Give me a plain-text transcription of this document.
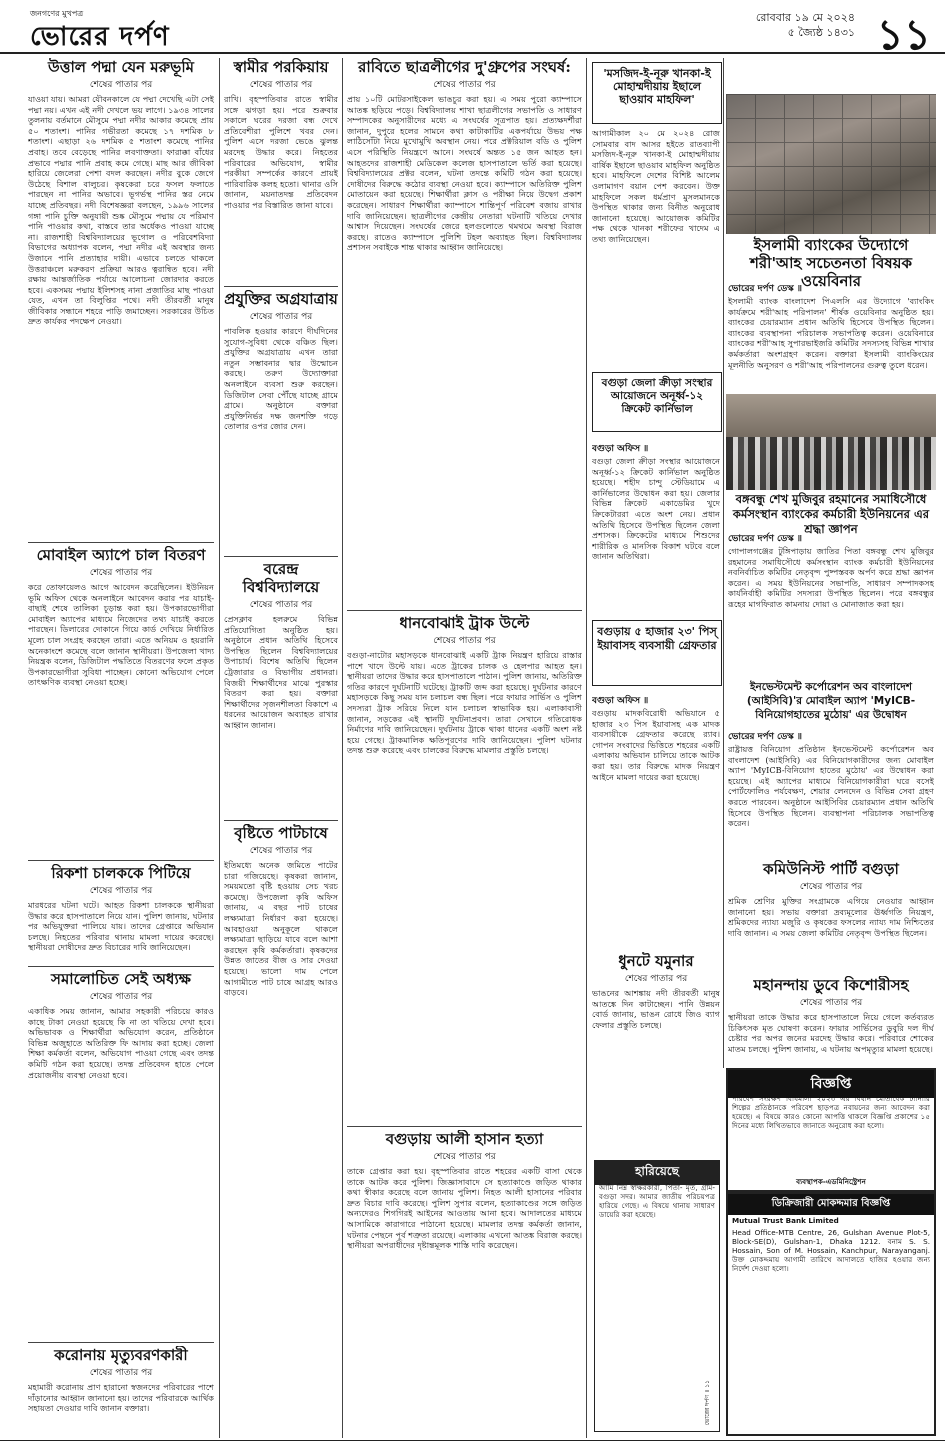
জনগণের মুখপত্র
ভোরের দর্পণ
রোববার ১৯ মে ২০২৪
৫ জ্যৈষ্ঠ ১৪৩১ ১১
উত্তাল পদ্মা যেন মরুভূমি
শেষের পাতার পর

যাওয়া যায়। আমরা যৌবনকালে যে পদ্মা দেখেছি এটা সেই পদ্মা নয়। এখন এই নদী দেখলে ভয় লাগে। ১৯৩৪ সালের তুলনায় বর্তমানে মৌসুমে পদ্মা নদীর আকার কমেছে প্রায় ৫০ শতাংশ। পানির গভীরতা কমেছে ১৭ দশমিক ৮ শতাংশ। এছাড়া ২৬ দশমিক ৫ শতাংশ কমেছে পানির প্রবাহ। তবে বেড়েছে পানির লবণাক্ততা। ফারাক্কা বাঁধের প্রভাবে পদ্মার পানি প্রবাহ কমে গেছে। মাছ আর জীবিকা হারিয়ে জেলেরা পেশা বদল করছেন। নদীর বুকে জেগে উঠেছে বিশাল বালুচর। কৃষকেরা চরে ফসল ফলাতে পারছেন না পানির অভাবে। ভূগর্ভস্থ পানির স্তর নেমে যাচ্ছে প্রতিবছর। নদী বিশেষজ্ঞরা বলছেন, ১৯৯৬ সালের গঙ্গা পানি চুক্তি অনুযায়ী শুষ্ক মৌসুমে পদ্মায় যে পরিমাণ পানি পাওয়ার কথা, বাস্তবে তার অর্ধেকও পাওয়া যাচ্ছে না। রাজশাহী বিশ্ববিদ্যালয়ের ভূগোল ও পরিবেশবিদ্যা বিভাগের অধ্যাপক বলেন, পদ্মা নদীর এই অবস্থার জন্য উজানে পানি প্রত্যাহার দায়ী। এভাবে চলতে থাকলে উত্তরাঞ্চলে মরুকরণ প্রক্রিয়া আরও ত্বরান্বিত হবে। নদী রক্ষায় আন্তর্জাতিক পর্যায়ে আলোচনা জোরদার করতে হবে। একসময় পদ্মায় ইলিশসহ নানা প্রজাতির মাছ পাওয়া যেত, এখন তা বিলুপ্তির পথে। নদী তীরবর্তী মানুষ জীবিকার সন্ধানে শহরে পাড়ি জমাচ্ছেন। সরকারের উচিত দ্রুত কার্যকর পদক্ষেপ নেওয়া।

মোবাইল অ্যাপে চাল বিতরণ
শেষের পাতার পর

করে তোফায়েলও আগে আবেদন করেছিলেন। ইউনিয়ন ভূমি অফিস থেকে অনলাইনে আবেদন করার পর যাচাই-বাছাই শেষে তালিকা চূড়ান্ত করা হয়। উপকারভোগীরা মোবাইল অ্যাপের মাধ্যমে নিজেদের তথ্য যাচাই করতে পারছেন। ডিলারের দোকানে গিয়ে কার্ড দেখিয়ে নির্ধারিত মূল্যে চাল সংগ্রহ করছেন তারা। এতে অনিয়ম ও হয়রানি অনেকাংশে কমেছে বলে জানান স্থানীয়রা। উপজেলা খাদ্য নিয়ন্ত্রক বলেন, ডিজিটাল পদ্ধতিতে বিতরণের ফলে প্রকৃত উপকারভোগীরা সুবিধা পাচ্ছেন। কোনো অভিযোগ পেলে তাৎক্ষণিক ব্যবস্থা নেওয়া হচ্ছে।

রিকশা চালককে পিটিয়ে
শেষের পাতার পর

মারধরের ঘটনা ঘটে। আহত রিকশা চালককে স্থানীয়রা উদ্ধার করে হাসপাতালে নিয়ে যান। পুলিশ জানায়, ঘটনার পর অভিযুক্তরা পালিয়ে যায়। তাদের গ্রেপ্তারে অভিযান চলছে। নিহতের পরিবার থানায় মামলা দায়ের করেছে। স্থানীয়রা দোষীদের দ্রুত বিচারের দাবি জানিয়েছেন।

সমালোচিত সেই অধ্যক্ষ
শেষের পাতার পর

একাধিক সময় জানান, আমার সহকারী পরিচয়ে কারও কাছে টাকা নেওয়া হয়েছে কি না তা খতিয়ে দেখা হবে। অভিভাবক ও শিক্ষার্থীরা অভিযোগ করেন, প্রতিষ্ঠানে বিভিন্ন অজুহাতে অতিরিক্ত ফি আদায় করা হচ্ছে। জেলা শিক্ষা কর্মকর্তা বলেন, অভিযোগ পাওয়া গেছে এবং তদন্ত কমিটি গঠন করা হয়েছে। তদন্ত প্রতিবেদন হাতে পেলে প্রয়োজনীয় ব্যবস্থা নেওয়া হবে।

করোনায় মৃত্যুবরণকারী
শেষের পাতার পর

মহামারী করোনায় প্রাণ হারানো স্বজনদের পরিবারের পাশে দাঁড়ানোর আহ্বান জানানো হয়। তাদের পরিবারকে আর্থিক সহায়তা দেওয়ার দাবি জানান বক্তারা।

স্বামীর পরকিয়ায়
শেষের পাতার পর

রাখি। বৃহস্পতিবার রাতে স্বামীর সঙ্গে ঝগড়া হয়। পরে শুক্রবার সকালে ঘরের দরজা বন্ধ দেখে প্রতিবেশীরা পুলিশে খবর দেন। পুলিশ এসে দরজা ভেঙে ঝুলন্ত মরদেহ উদ্ধার করে। নিহতের পরিবারের অভিযোগ, স্বামীর পরকীয়া সম্পর্কের কারণে প্রায়ই পারিবারিক কলহ হতো। থানার ওসি জানান, ময়নাতদন্ত প্রতিবেদন পাওয়ার পর বিস্তারিত জানা যাবে।

প্রযুক্তির অগ্রযাত্রায়
শেষের পাতার পর

পাবলিক হওয়ার কারণে দীর্ঘদিনের সুযোগ-সুবিধা থেকে বঞ্চিত ছিল। প্রযুক্তির অগ্রযাত্রায় এখন তারা নতুন সম্ভাবনার দ্বার উন্মোচন করছে। তরুণ উদ্যোক্তারা অনলাইনে ব্যবসা শুরু করছেন। ডিজিটাল সেবা পৌঁছে যাচ্ছে গ্রামে গ্রামে। অনুষ্ঠানে বক্তারা প্রযুক্তিনির্ভর দক্ষ জনশক্তি গড়ে তোলার ওপর জোর দেন।

বরেন্দ্র বিশ্ববিদ্যালয়ে
শেষের পাতার পর

প্রেসক্লাব হলরুমে বিভিন্ন প্রতিযোগিতা অনুষ্ঠিত হয়। অনুষ্ঠানে প্রধান অতিথি হিসেবে উপস্থিত ছিলেন বিশ্ববিদ্যালয়ের উপাচার্য। বিশেষ অতিথি ছিলেন ট্রেজারার ও বিভাগীয় প্রধানরা। বিজয়ী শিক্ষার্থীদের মাঝে পুরস্কার বিতরণ করা হয়। বক্তারা শিক্ষার্থীদের সৃজনশীলতা বিকাশে এ ধরনের আয়োজন অব্যাহত রাখার আহ্বান জানান।

বৃষ্টিতে পাটচাষে
শেষের পাতার পর

ইতিমধ্যে অনেক জমিতে পাটের চারা গজিয়েছে। কৃষকরা জানান, সময়মতো বৃষ্টি হওয়ায় সেচ খরচ কমেছে। উপজেলা কৃষি অফিস জানায়, এ বছর পাট চাষের লক্ষ্যমাত্রা নির্ধারণ করা হয়েছে। আবহাওয়া অনুকূলে থাকলে লক্ষ্যমাত্রা ছাড়িয়ে যাবে বলে আশা করছেন কৃষি কর্মকর্তারা। কৃষকদের উন্নত জাতের বীজ ও সার দেওয়া হয়েছে। ভালো দাম পেলে আগামীতে পাট চাষে আগ্রহ আরও বাড়বে।

রাবিতে ছাত্রলীগের দু'গ্রুপের সংঘর্ষ:
শেষের পাতার পর

প্রায় ১০টি মোটরসাইকেল ভাঙচুর করা হয়। এ সময় পুরো ক্যাম্পাসে আতঙ্ক ছড়িয়ে পড়ে। বিশ্ববিদ্যালয় শাখা ছাত্রলীগের সভাপতি ও সাধারণ সম্পাদকের অনুসারীদের মধ্যে এ সংঘর্ষের সূত্রপাত হয়। প্রত্যক্ষদর্শীরা জানান, দুপুরে হলের সামনে কথা কাটাকাটির একপর্যায়ে উভয় পক্ষ লাঠিসোঁটা নিয়ে মুখোমুখি অবস্থান নেয়। পরে প্রক্টরিয়াল বডি ও পুলিশ এসে পরিস্থিতি নিয়ন্ত্রণে আনে। সংঘর্ষে অন্তত ১৫ জন আহত হন। আহতদের রাজশাহী মেডিকেল কলেজ হাসপাতালে ভর্তি করা হয়েছে। বিশ্ববিদ্যালয়ের প্রক্টর বলেন, ঘটনা তদন্তে কমিটি গঠন করা হয়েছে। দোষীদের বিরুদ্ধে কঠোর ব্যবস্থা নেওয়া হবে। ক্যাম্পাসে অতিরিক্ত পুলিশ মোতায়েন করা হয়েছে। শিক্ষার্থীরা ক্লাস ও পরীক্ষা নিয়ে উদ্বেগ প্রকাশ করেছেন। সাধারণ শিক্ষার্থীরা ক্যাম্পাসে শান্তিপূর্ণ পরিবেশ বজায় রাখার দাবি জানিয়েছেন। ছাত্রলীগের কেন্দ্রীয় নেতারা ঘটনাটি খতিয়ে দেখার আশ্বাস দিয়েছেন। সংঘর্ষের জেরে হলগুলোতে থমথমে অবস্থা বিরাজ করছে। রাতেও ক্যাম্পাসে পুলিশি টহল অব্যাহত ছিল। বিশ্ববিদ্যালয় প্রশাসন সবাইকে শান্ত থাকার আহ্বান জানিয়েছে।

ধানবোঝাই ট্রাক উল্টে
শেষের পাতার পর

বগুড়া-নাটোর মহাসড়কে ধানবোঝাই একটি ট্রাক নিয়ন্ত্রণ হারিয়ে রাস্তার পাশে খাদে উল্টে যায়। এতে ট্রাকের চালক ও হেলপার আহত হন। স্থানীয়রা তাদের উদ্ধার করে হাসপাতালে পাঠান। পুলিশ জানায়, অতিরিক্ত গতির কারণে দুর্ঘটনাটি ঘটেছে। ট্রাকটি জব্দ করা হয়েছে। দুর্ঘটনার কারণে মহাসড়কে কিছু সময় যান চলাচল বন্ধ ছিল। পরে ফায়ার সার্ভিস ও পুলিশ সদস্যরা ট্রাক সরিয়ে নিলে যান চলাচল স্বাভাবিক হয়। এলাকাবাসী জানান, সড়কের এই স্থানটি দুর্ঘটনাপ্রবণ। তারা সেখানে গতিরোধক নির্মাণের দাবি জানিয়েছেন। দুর্ঘটনায় ট্রাকে থাকা ধানের একটি অংশ নষ্ট হয়ে গেছে। ট্রাকমালিক ক্ষতিপূরণের দাবি জানিয়েছেন। পুলিশ ঘটনার তদন্ত শুরু করেছে এবং চালকের বিরুদ্ধে মামলার প্রস্তুতি চলছে।

বগুড়ায় আলী হাসান হত্যা
শেষের পাতার পর

তাকে গ্রেপ্তার করা হয়। বৃহস্পতিবার রাতে শহরের একটি বাসা থেকে তাকে আটক করে পুলিশ। জিজ্ঞাসাবাদে সে হত্যাকাণ্ডে জড়িত থাকার কথা স্বীকার করেছে বলে জানায় পুলিশ। নিহত আলী হাসানের পরিবার দ্রুত বিচার দাবি করেছে। পুলিশ সুপার বলেন, হত্যাকাণ্ডের সঙ্গে জড়িত অন্যদেরও শিগগিরই আইনের আওতায় আনা হবে। আদালতের মাধ্যমে আসামিকে কারাগারে পাঠানো হয়েছে। মামলার তদন্ত কর্মকর্তা জানান, ঘটনার পেছনে পূর্ব শত্রুতা রয়েছে। এলাকায় এখনো আতঙ্ক বিরাজ করছে। স্থানীয়রা অপরাধীদের দৃষ্টান্তমূলক শাস্তি দাবি করেছেন।

'মসজিদ-ই-নূরু খানকা-ই মোহাম্মদীয়ায় ইছালে ছাওয়াব মাহফিল'

আগামীকাল ২০ মে ২০২৪ রোজ সোমবার বাদ আসর হইতে রাতব্যাপী মসজিদ-ই-নূরু খানকা-ই মোহাম্মদীয়ায় বার্ষিক ইছালে ছাওয়াব মাহফিল অনুষ্ঠিত হবে। মাহফিলে দেশের বিশিষ্ট আলেম ওলামাগণ বয়ান পেশ করবেন। উক্ত মাহফিলে সকল ধর্মপ্রাণ মুসলমানকে উপস্থিত থাকার জন্য বিনীত অনুরোধ জানানো হয়েছে। আয়োজক কমিটির পক্ষ থেকে খানকা শরীফের খাদেম এ তথ্য জানিয়েছেন।	ইসলামী ব্যাংকের উদ্যোগে শরী'আহ সচেতনতা বিষয়ক ওয়েবিনার
ভোরের দর্পণ ডেস্ক ॥

ইসলামী ব্যাংক বাংলাদেশ পিএলসি এর উদ্যোগে 'ব্যাংকিং কার্যক্রমে শরী'আহ পরিপালন' শীর্ষক ওয়েবিনার অনুষ্ঠিত হয়। ব্যাংকের চেয়ারম্যান প্রধান অতিথি হিসেবে উপস্থিত ছিলেন। ব্যাংকের ব্যবস্থাপনা পরিচালক সভাপতিত্ব করেন। ওয়েবিনারে ব্যাংকের শরী'আহ সুপারভাইজরি কমিটির সদস্যসহ বিভিন্ন শাখার কর্মকর্তারা অংশগ্রহণ করেন। বক্তারা ইসলামী ব্যাংকিংয়ের মূলনীতি অনুসরণ ও শরী'আহ পরিপালনের গুরুত্ব তুলে ধরেন।

বগুড়া জেলা ক্রীড়া সংস্থার আয়োজনে অনূর্ধ্ব-১২ ক্রিকেট কার্নিভাল
বগুড়া অফিস ॥

বগুড়া জেলা ক্রীড়া সংস্থার আয়োজনে অনূর্ধ্ব-১২ ক্রিকেট কার্নিভাল অনুষ্ঠিত হয়েছে। শহীদ চান্দু স্টেডিয়ামে এ কার্নিভালের উদ্বোধন করা হয়। জেলার বিভিন্ন ক্রিকেট একাডেমির খুদে ক্রিকেটাররা এতে অংশ নেয়। প্রধান অতিথি হিসেবে উপস্থিত ছিলেন জেলা প্রশাসক। ক্রিকেটের মাধ্যমে শিশুদের শারীরিক ও মানসিক বিকাশ ঘটবে বলে জানান অতিথিরা।

বঙ্গবন্ধু শেখ মুজিবুর রহমানের সমাধিসৌধে কর্মসংস্থান ব্যাংকের কর্মচারী ইউনিয়নের এর শ্রদ্ধা জ্ঞাপন
ভোরের দর্পণ ডেস্ক ॥

গোপালগঞ্জের টুঙ্গিপাড়ায় জাতির পিতা বঙ্গবন্ধু শেখ মুজিবুর রহমানের সমাধিসৌধে কর্মসংস্থান ব্যাংক কর্মচারী ইউনিয়নের নবনির্বাচিত কমিটির নেতৃবৃন্দ পুষ্পস্তবক অর্পণ করে শ্রদ্ধা জ্ঞাপন করেন। এ সময় ইউনিয়নের সভাপতি, সাধারণ সম্পাদকসহ কার্যনির্বাহী কমিটির সদস্যরা উপস্থিত ছিলেন। পরে বঙ্গবন্ধুর রূহের মাগফিরাত কামনায় দোয়া ও মোনাজাত করা হয়।

বগুড়ায় ৫ হাজার ২৩' পিস্ ইয়াবাসহ ব্যবসায়ী গ্রেফতার
বগুড়া অফিস ॥

বগুড়ায় মাদকবিরোধী অভিযানে ৫ হাজার ২৩ পিস ইয়াবাসহ এক মাদক ব্যবসায়ীকে গ্রেফতার করেছে র‍্যাব। গোপন সংবাদের ভিত্তিতে শহরের একটি এলাকায় অভিযান চালিয়ে তাকে আটক করা হয়। তার বিরুদ্ধে মাদক নিয়ন্ত্রণ আইনে মামলা দায়ের করা হয়েছে।

ইনভেস্টমেন্ট কর্পোরেশন অব বাংলাদেশ (আইসিবি)'র মোবাইল অ্যাপ 'MyICB-বিনিয়োগহাতের মুঠোয়' এর উদ্বোধন
ভোরের দর্পণ ডেস্ক ॥

রাষ্ট্রায়ত্ত বিনিয়োগ প্রতিষ্ঠান ইনভেস্টমেন্ট কর্পোরেশন অব বাংলাদেশ (আইসিবি) এর বিনিয়োগকারীদের জন্য মোবাইল অ্যাপ 'MyICB-বিনিয়োগ হাতের মুঠোয়' এর উদ্বোধন করা হয়েছে। এই অ্যাপের মাধ্যমে বিনিয়োগকারীরা ঘরে বসেই পোর্টফোলিও পর্যবেক্ষণ, শেয়ার লেনদেন ও বিভিন্ন সেবা গ্রহণ করতে পারবেন। অনুষ্ঠানে আইসিবির চেয়ারম্যান প্রধান অতিথি হিসেবে উপস্থিত ছিলেন। ব্যবস্থাপনা পরিচালক সভাপতিত্ব করেন।

কমিউনিস্ট পার্টি বগুড়া
শেষের পাতার পর

শ্রমিক শ্রেণির মুক্তির সংগ্রামকে এগিয়ে নেওয়ার আহ্বান জানানো হয়। সভায় বক্তারা দ্রব্যমূল্যের ঊর্ধ্বগতি নিয়ন্ত্রণ, শ্রমিকদের ন্যায্য মজুরি ও কৃষকের ফসলের ন্যায্য দাম নিশ্চিতের দাবি জানান। এ সময় জেলা কমিটির নেতৃবৃন্দ উপস্থিত ছিলেন।

মহানন্দায় ডুবে কিশোরীসহ
শেষের পাতার পর

স্থানীয়রা তাকে উদ্ধার করে হাসপাতালে নিয়ে গেলে কর্তব্যরত চিকিৎসক মৃত ঘোষণা করেন। ফায়ার সার্ভিসের ডুবুরি দল দীর্ঘ চেষ্টার পর অপর জনের মরদেহ উদ্ধার করে। পরিবারে শোকের মাতম চলছে। পুলিশ জানায়, এ ঘটনায় অপমৃত্যুর মামলা হয়েছে।

ধুনটে যমুনার
শেষের পাতার পর

ভাঙনের আশঙ্কায় নদী তীরবর্তী মানুষ আতঙ্কে দিন কাটাচ্ছেন। পানি উন্নয়ন বোর্ড জানায়, ভাঙন রোধে জিও ব্যাগ ফেলার প্রস্তুতি চলছে।

হারিয়েছে
আমি নিম্ন স্বাক্ষরকারী, পিতা- মৃত, গ্রাম- বগুড়া সদর। আমার জাতীয় পরিচয়পত্র হারিয়ে গেছে। এ বিষয়ে থানায় সাধারণ ডায়েরি করা হয়েছে।
বিজ্ঞপ্তি
পরিবেশ সংরক্ষণ বিধিমালা ২০২৩ এর বিধান মোতাবেক ট্যানারি শিল্পের প্রতিষ্ঠানকে পরিবেশ ছাড়পত্র নবায়নের জন্য আবেদন করা হয়েছে। এ বিষয়ে কারও কোনো আপত্তি থাকলে বিজ্ঞপ্তি প্রকাশের ১৫ দিনের মধ্যে লিখিতভাবে জানাতে অনুরোধ করা হলো।
ব্যবস্থাপক-এডমিনিস্ট্রেশন
ডিক্রিজারী মোকদ্দমার বিজ্ঞপ্তি
Mutual Trust Bank Limited
Head Office-MTB Centre, 26, Gulshan Avenue Plot-5, Block-SE(D), Gulshan-1, Dhaka 1212. বনাম S. S. Hossain, Son of M. Hossain, Kanchpur, Narayanganj. উক্ত মোকদ্দমায় আগামী তারিখে আদালতে হাজির হওয়ার জন্য নির্দেশ দেওয়া হলো।
ভোরের দর্পণ ॥ ১১
